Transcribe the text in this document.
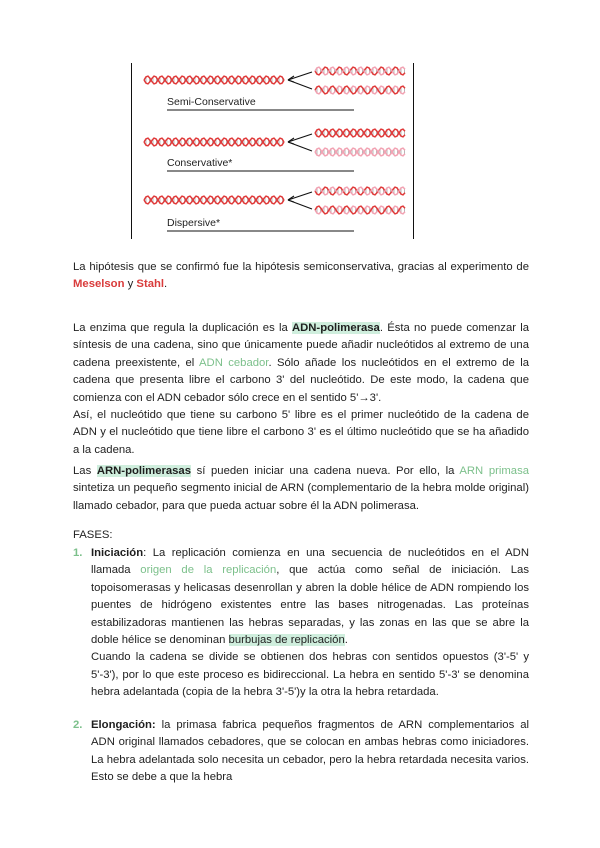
Semi-Conservative
Conservative*
Dispersive*

La hipótesis que se confirmó fue la hipótesis semiconservativa, gracias al experimento de Meselson y Stahl.

La enzima que regula la duplicación es la ADN-polimerasa. Ésta no puede comenzar la síntesis de una cadena, sino que únicamente puede añadir nucleótidos al extremo de una cadena preexistente, el ADN cebador. Sólo añade los nucleótidos en el extremo de la cadena que presenta libre el carbono 3' del nucleótido. De este modo, la cadena que comienza con el ADN cebador sólo crece en el sentido 5'→3'.
Así, el nucleótido que tiene su carbono 5' libre es el primer nucleótido de la cadena de ADN y el nucleótido que tiene libre el carbono 3' es el último nucleótido que se ha añadido a la cadena.

Las ARN-polimerasas sí pueden iniciar una cadena nueva. Por ello, la ARN primasa sintetiza un pequeño segmento inicial de ARN (complementario de la hebra molde original) llamado cebador, para que pueda actuar sobre él la ADN polimerasa.

FASES:

1. Iniciación: La replicación comienza en una secuencia de nucleótidos en el ADN llamada origen de la replicación, que actúa como señal de iniciación. Las topoisomerasas y helicasas desenrollan y abren la doble hélice de ADN rompiendo los puentes de hidrógeno existentes entre las bases nitrogenadas. Las proteínas estabilizadoras mantienen las hebras separadas, y las zonas en las que se abre la doble hélice se denominan burbujas de replicación.
Cuando la cadena se divide se obtienen dos hebras con sentidos opuestos (3'-5' y 5'-3'), por lo que este proceso es bidireccional. La hebra en sentido 5'-3' se denomina hebra adelantada (copia de la hebra 3'-5')y la otra la hebra retardada.
2. Elongación: la primasa fabrica pequeños fragmentos de ARN complementarios al ADN original llamados cebadores, que se colocan en ambas hebras como iniciadores. La hebra adelantada solo necesita un cebador, pero la hebra retardada necesita varios. Esto se debe a que la hebra
